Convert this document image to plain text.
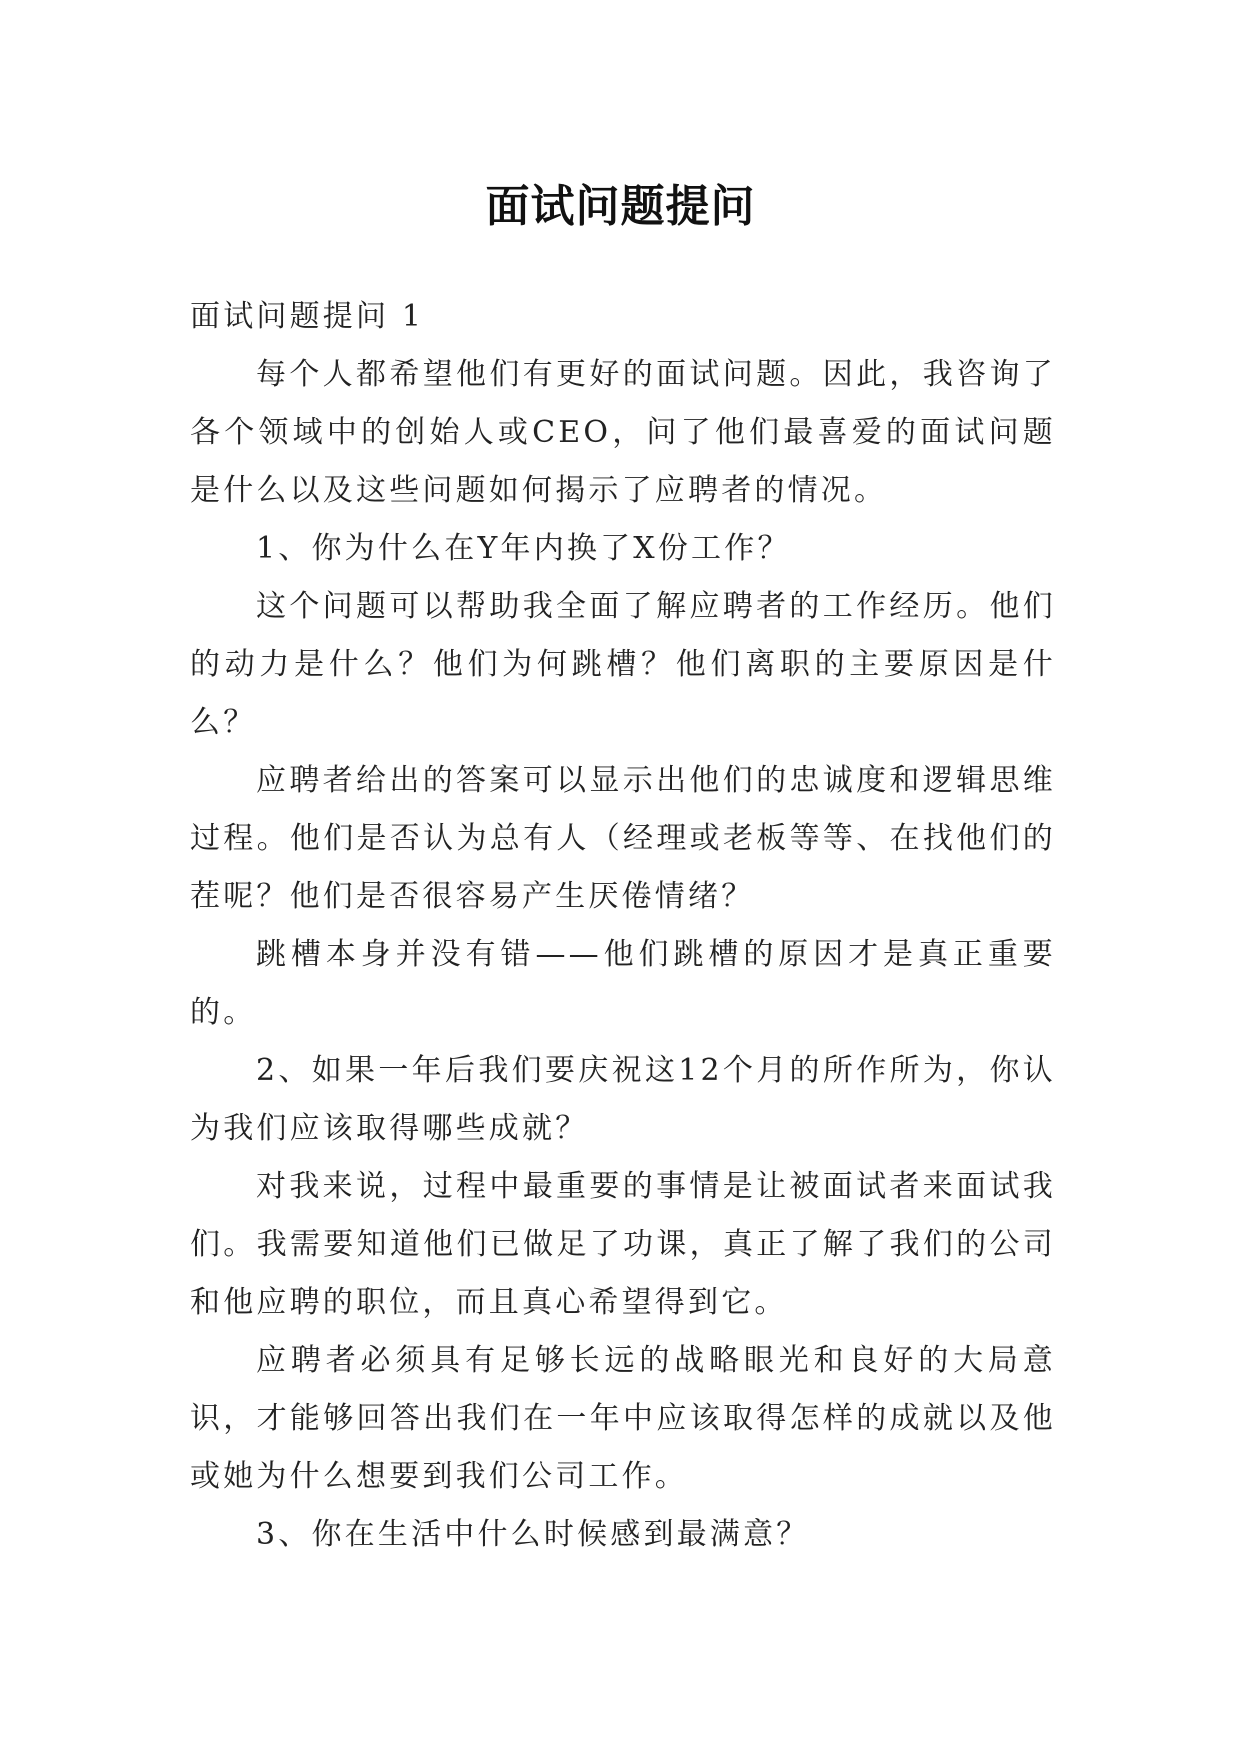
面试问题提问

面试问题提问 1

每个人都希望他们有更好的面试问题。因此，我咨询了各个领域中的创始人或CEO，问了他们最喜爱的面试问题是什么以及这些问题如何揭示了应聘者的情况。

1、你为什么在Y年内换了X份工作？

这个问题可以帮助我全面了解应聘者的工作经历。他们的动力是什么？他们为何跳槽？他们离职的主要原因是什么？

应聘者给出的答案可以显示出他们的忠诚度和逻辑思维过程。他们是否认为总有人（经理或老板等等、在找他们的茬呢？他们是否很容易产生厌倦情绪？

跳槽本身并没有错——他们跳槽的原因才是真正重要的。

2、如果一年后我们要庆祝这12个月的所作所为，你认为我们应该取得哪些成就？

对我来说，过程中最重要的事情是让被面试者来面试我们。我需要知道他们已做足了功课，真正了解了我们的公司和他应聘的职位，而且真心希望得到它。

应聘者必须具有足够长远的战略眼光和良好的大局意识，才能够回答出我们在一年中应该取得怎样的成就以及他或她为什么想要到我们公司工作。

3、你在生活中什么时候感到最满意？
